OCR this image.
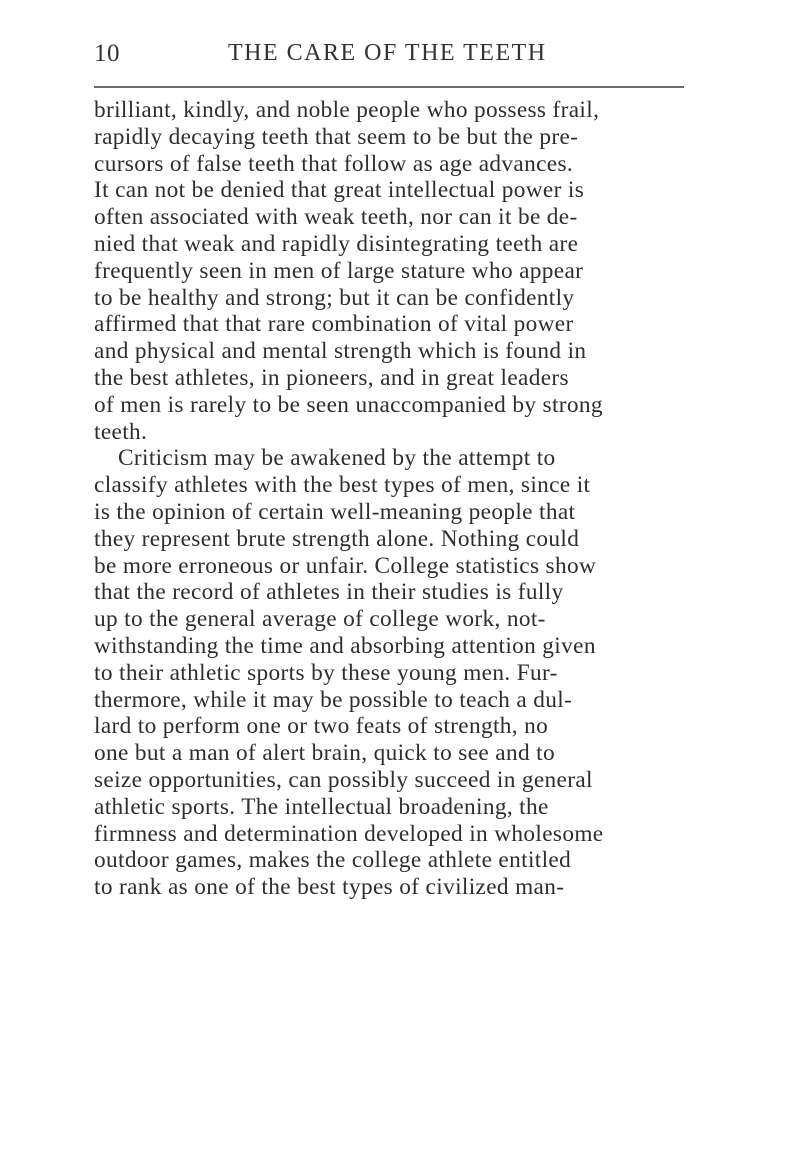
10	THE CARE OF THE TEETH
brilliant, kindly, and noble people who possess frail,
rapidly decaying teeth that seem to be but the pre-
cursors of false teeth that follow as age advances.
It can not be denied that great intellectual power is
often associated with weak teeth, nor can it be de-
nied that weak and rapidly disintegrating teeth are
frequently seen in men of large stature who appear
to be healthy and strong; but it can be confidently
affirmed that that rare combination of vital power
and physical and mental strength which is found in
the best athletes, in pioneers, and in great leaders
of men is rarely to be seen unaccompanied by strong
teeth.
Criticism may be awakened by the attempt to
classify athletes with the best types of men, since it
is the opinion of certain well-meaning people that
they represent brute strength alone. Nothing could
be more erroneous or unfair. College statistics show
that the record of athletes in their studies is fully
up to the general average of college work, not-
withstanding the time and absorbing attention given
to their athletic sports by these young men. Fur-
thermore, while it may be possible to teach a dul-
lard to perform one or two feats of strength, no
one but a man of alert brain, quick to see and to
seize opportunities, can possibly succeed in general
athletic sports. The intellectual broadening, the
firmness and determination developed in wholesome
outdoor games, makes the college athlete entitled
to rank as one of the best types of civilized man-
